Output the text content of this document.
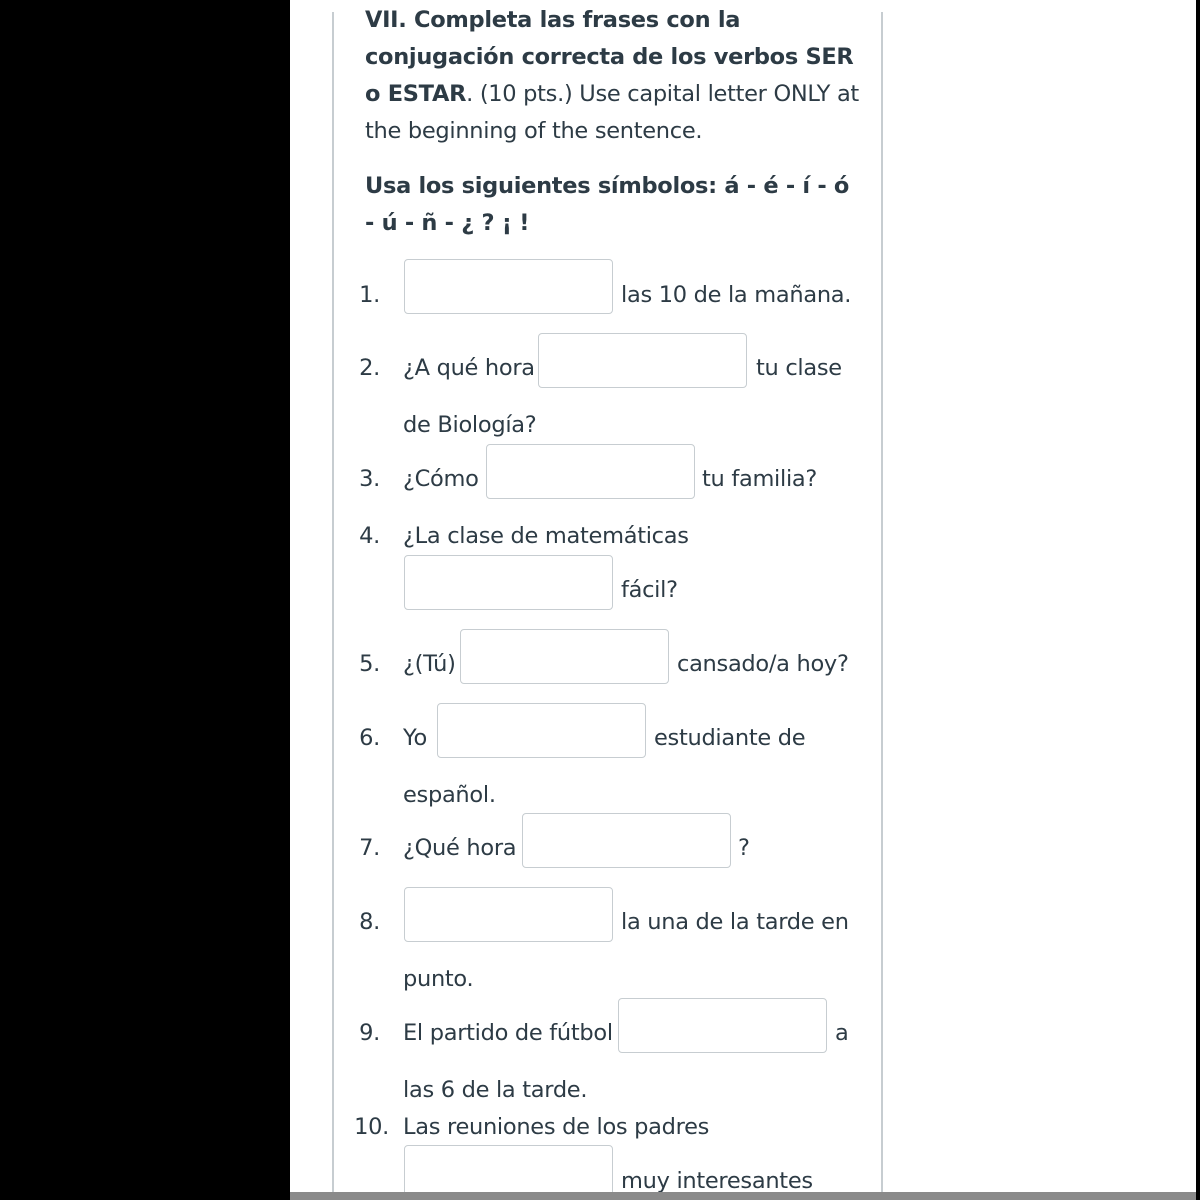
VII. Completa las frases con la conjugación correcta de los verbos SER o ESTAR. (10 pts.) Use capital letter ONLY at the beginning of the sentence.
Usa los siguientes símbolos: á - é - í - ó - ú - ñ - ¿ ? ¡ !
1.	las 10 de la mañana.
2. ¿A qué hora	tu clase
de Biología?
3. ¿Cómo	tu familia?
4. ¿La clase de matemáticas
fácil?
5. ¿(Tú)	cansado/a hoy?
6. Yo	estudiante de
español.
7. ¿Qué hora	?
8.	la una de la tarde en
punto.
9. El partido de fútbol	a
las 6 de la tarde.
10. Las reuniones de los padres
muy interesantes
